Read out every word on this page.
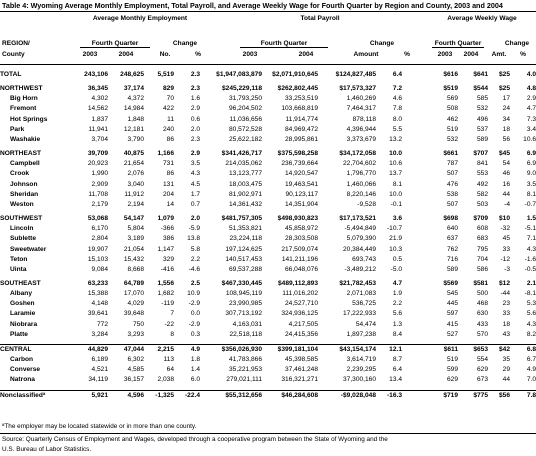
Table 4: Wyoming Average Monthly Employment, Total Payroll, and Average Weekly Wage for Fourth Quarter by Region and County, 2003 and 2004
Average Monthly Employment	Total Payroll	Average Weekly Wage
REGION/
County
Fourth Quarter	Change
2003	2004	No.	%
Fourth Quarter	Change
2003	2004	Amount	%
Fourth Quarter	Change
2003	2004	Amt.	%
TOTAL	243,106	248,625	5,519	2.3	$1,947,083,879	$2,071,910,645	$124,827,485	6.4		$616	$641	$25	4.0

NORTHWEST	36,345	37,174	829	2.3	$245,229,118	$262,802,445	$17,573,327	7.2		$519	$544	$25	4.8
Big Horn	4,302	4,372	70	1.6	31,793,250	33,253,519	1,460,269	4.6		569	585	17	2.9
Fremont	14,562	14,984	422	2.9	96,204,502	103,668,819	7,464,317	7.8		508	532	24	4.7
Hot Springs	1,837	1,848	11	0.6	11,036,656	11,914,774	878,118	8.0		462	496	34	7.3
Park	11,941	12,181	240	2.0	80,572,528	84,969,472	4,396,944	5.5		519	537	18	3.4
Washakie	3,704	3,790	86	2.3	25,622,182	28,995,861	3,373,679	13.2		532	589	56	10.6

NORTHEAST	39,709	40,875	1,166	2.9	$341,426,717	$375,598,258	$34,172,058	10.0		$661	$707	$45	6.9
Campbell	20,923	21,654	731	3.5	214,035,062	236,739,664	22,704,602	10.6		787	841	54	6.9
Crook	1,990	2,076	86	4.3	13,123,777	14,920,547	1,796,770	13.7		507	553	46	9.0
Johnson	2,909	3,040	131	4.5	18,003,475	19,463,541	1,460,066	8.1		476	492	16	3.5
Sheridan	11,708	11,912	204	1.7	81,902,971	90,123,117	8,220,146	10.0		538	582	44	8.1
Weston	2,179	2,194	14	0.7	14,361,432	14,351,904	-9,528	-0.1		507	503	-4	-0.7

SOUTHWEST	53,068	54,147	1,079	2.0	$481,757,305	$498,930,823	$17,173,521	3.6		$698	$709	$10	1.5
Lincoln	6,170	5,804	-366	-5.9	51,353,821	45,858,972	-5,494,849	-10.7		640	608	-32	-5.1
Sublette	2,804	3,189	386	13.8	23,224,118	28,303,508	5,079,390	21.9		637	683	45	7.1
Sweetwater	19,907	21,054	1,147	5.8	197,124,625	217,509,074	20,384,449	10.3		762	795	33	4.3
Teton	15,103	15,432	329	2.2	140,517,453	141,211,196	693,743	0.5		716	704	-12	-1.6
Uinta	9,084	8,668	-416	-4.6	69,537,288	66,048,076	-3,489,212	-5.0		589	586	-3	-0.5

SOUTHEAST	63,233	64,789	1,556	2.5	$467,330,445	$489,112,893	$21,782,453	4.7		$569	$581	$12	2.1
Albany	15,388	17,070	1,682	10.9	108,945,119	111,016,202	2,071,083	1.9		545	500	-44	-8.1
Goshen	4,148	4,029	-119	-2.9	23,990,985	24,527,710	536,725	2.2		445	468	23	5.3
Laramie	39,641	39,648	7	0.0	307,713,192	324,936,125	17,222,933	5.6		597	630	33	5.6
Niobrara	772	750	-22	-2.9	4,163,031	4,217,505	54,474	1.3		415	433	18	4.3
Platte	3,284	3,293	8	0.3	22,518,118	24,415,356	1,897,238	8.4		527	570	43	8.2

CENTRAL	44,829	47,044	2,215	4.9	$356,026,930	$399,181,104	$43,154,174	12.1		$611	$653	$42	6.8
Carbon	6,189	6,302	113	1.8	41,783,866	45,398,585	3,614,719	8.7		519	554	35	6.7
Converse	4,521	4,585	64	1.4	35,221,953	37,461,248	2,239,295	6.4		599	629	29	4.9
Natrona	34,119	36,157	2,038	6.0	279,021,111	316,321,271	37,300,160	13.4		629	673	44	7.0

Nonclassifiedª	5,921	4,596	-1,325	-22.4	$55,312,656	$46,284,608	-$9,028,048	-16.3		$719	$775	$56	7.8
ªThe employer may be located statewide or in more than one county.
Source: Quarterly Census of Employment and Wages, developed through a cooperative program between the State of Wyoming and the
U.S. Bureau of Labor Statistics.
